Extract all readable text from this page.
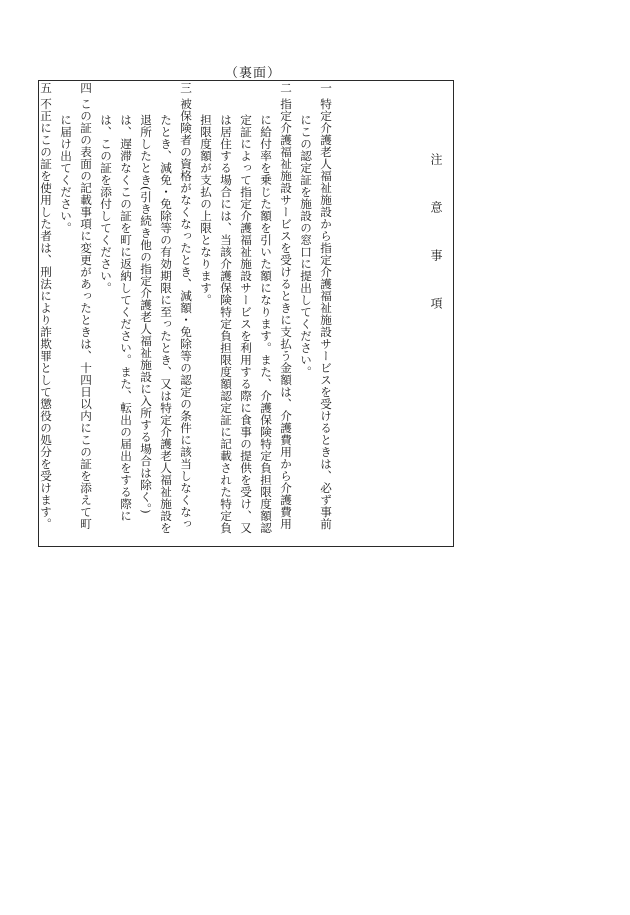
（裏面）
注　意　事　項
一特定介護老人福祉施設から指定介護福祉施設サービスを受けるときは、必ず事前にこの認定証を施設の窓口に提出してください。
二指定介護福祉施設サービスを受けるときに支払う金額は、介護費用から介護費用に給付率を乗じた額を引いた額になります。また、介護保険特定負担限度額認定証によって指定介護福祉施設サービスを利用する際に食事の提供を受け、又は居住する場合には、当該介護保険特定負担限度額認定証に記載された特定負担限度額が支払の上限となります。
三被保険者の資格がなくなったとき、減額・免除等の認定の条件に該当しなくなったとき、減免・免除等の有効期限に至ったとき、又は特定介護老人福祉施設を退所したとき(引き続き他の指定介護老人福祉施設に入所する場合は除く。)は、遅滞なくこの証を町に返納してください。また、転出の届出をする際には、この証を添付してください。
四この証の表面の記載事項に変更があったときは、十四日以内にこの証を添えて町に届け出てください。
五不正にこの証を使用した者は、刑法により詐欺罪として懲役の処分を受けます。
